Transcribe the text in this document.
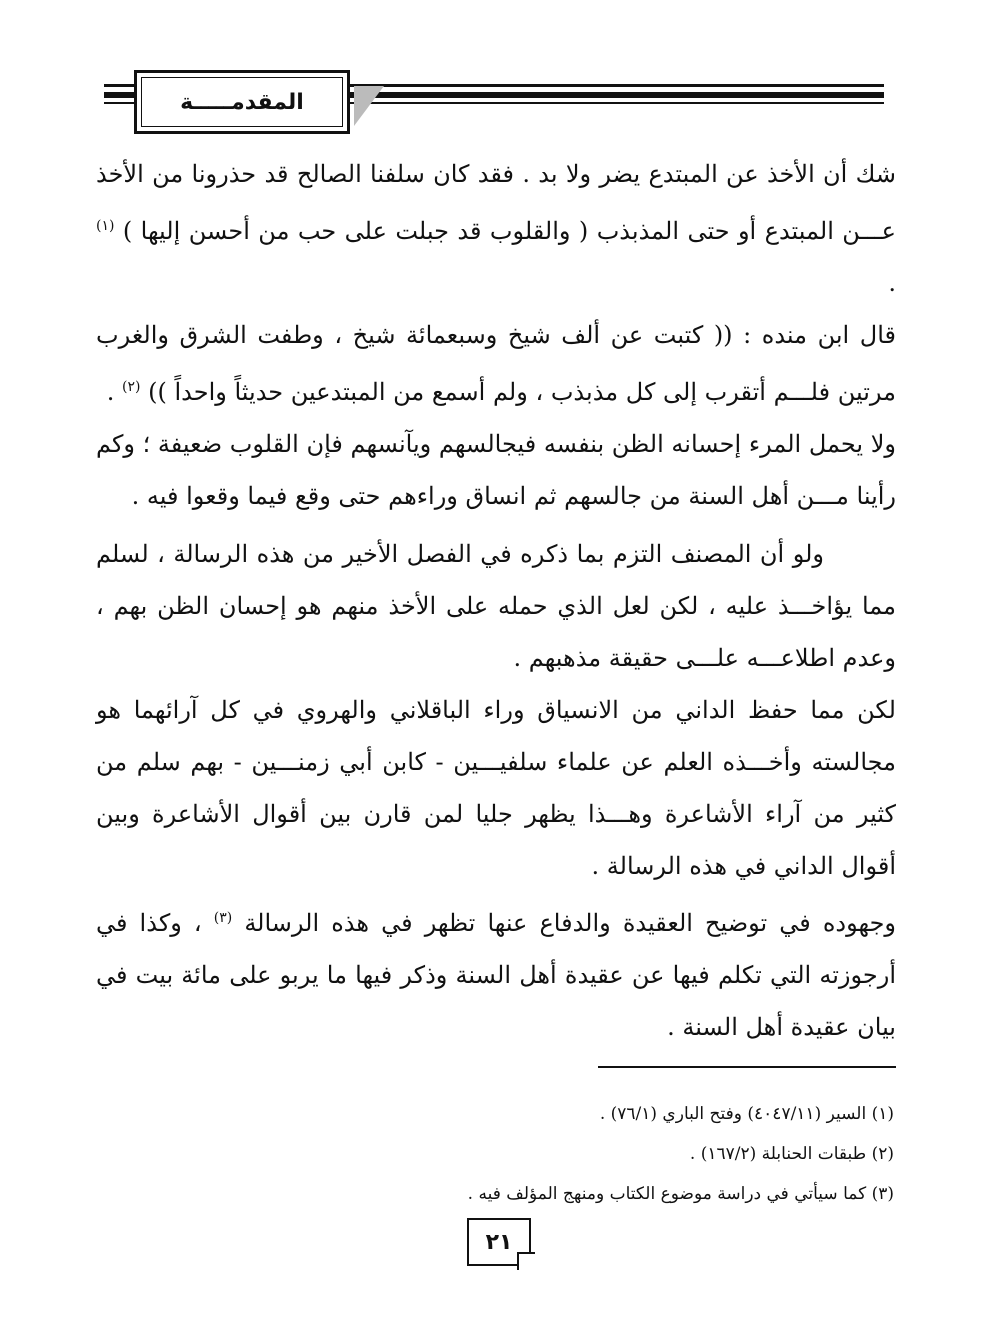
المقدمـــــة

شك أن الأخذ عن المبتدع يضر ولا بد . فقد كان سلفنا الصالح قد حذرونا من الأخذ عـــن المبتدع أو حتى المذبذب ( والقلوب قد جبلت على حب من أحسن إليها ) $^{(١)}$ .

قال ابن منده : (( كتبت عن ألف شيخ وسبعمائة شيخ ، وطفت الشرق والغرب مرتين فلـــم أتقرب إلى كل مذبذب ، ولم أسمع من المبتدعين حديثاً واحداً )) $^{(٢)}$ .

ولا يحمل المرء إحسانه الظن بنفسه فيجالسهم ويآنسهم فإن القلوب ضعيفة ؛ وكم رأينا مـــن أهل السنة من جالسهم ثم انساق وراءهم حتى وقع فيما وقعوا فيه .

ولو أن المصنف التزم بما ذكره في الفصل الأخير من هذه الرسالة ، لسلم مما يؤاخـــذ عليه ، لكن لعل الذي حمله على الأخذ منهم هو إحسان الظن بهم ، وعدم اطلاعـــه علـــى حقيقة مذهبهم .

لكن مما حفظ الداني من الانسياق وراء الباقلاني والهروي في كل آرائهما هو مجالسته وأخـــذه العلم عن علماء سلفيـــين - كابن أبي زمنـــين - بهم سلم من كثير من آراء الأشاعرة وهـــذا يظهر جليا لمن قارن بين أقوال الأشاعرة وبين أقوال الداني في هذه الرسالة .

وجهوده في توضيح العقيدة والدفاع عنها تظهر في هذه الرسالة $^{(٣)}$ ، وكذا في أرجوزته التي تكلم فيها عن عقيدة أهل السنة وذكر فيها ما يربو على مائة بيت في بيان عقيدة أهل السنة .

(١) السير (٤٠٤٧/١١) وفتح الباري (٧٦/١) .

(٢) طبقات الحنابلة (١٦٧/٢) .

(٣) كما سيأتي في دراسة موضوع الكتاب ومنهج المؤلف فيه .

٢١
